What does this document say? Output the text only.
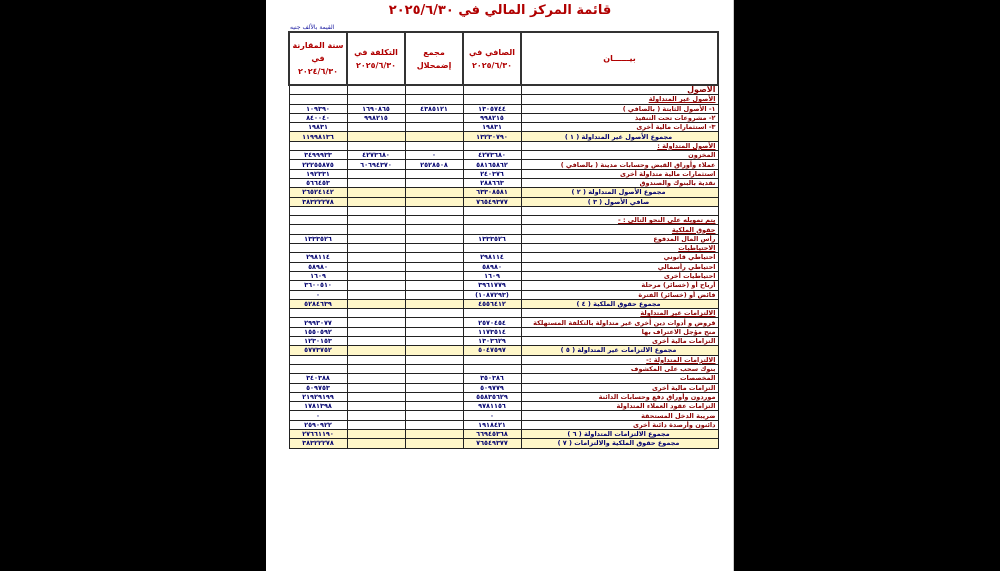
قائمة المركز المالي في ٢٠٢٥/٦/٣٠
القيمة بالألف جنيه
سنة المقارنة في ٢٠٢٤/٦/٣٠	التكلفة في ٢٠٢٥/٦/٣٠	مجمع إضمحلال	الصافي في ٢٠٢٥/٦/٣٠	بيــــــان
				الأصول
				الأصول غير المتداولة
١٠٩٣٩٠	١٦٩٠٨٦٥	٤٣٨٥١٢١	١٣٠٥٧٤٤	١- الأصول الثابتة ( بالصافي )
٨٤٠٠٤٠	٩٩٨٢١٥		٩٩٨٢١٥	٢- مشروعات تحت التنفيذ
١٩٨٣١			١٩٨٣١	٣- استثمارات مالية أخرى
١١٩٩٨١٣٦			١٣٢٣٠٧٩٠	مجموع الأصول غير المتداولة ( ١ )
				الأصول المتداولة :
٣٤٩٩٩٣٣	٤٢٧٣٦٨٠	٠	٤٢٧٣٦٨٠	المخزون
٢٢٢٥٥٨٧٥	٦٠٦٩٤٣٧٠	٢٥٢٨٥٠٨	٥٨١٦٥٨٦٢	عملاء وأوراق القبض وحسابات مدينة ( بالصافي )
١٩٢٣٣١			٢٤٠٣٧٦	استثمارات مالية متداولة أخرى
٥٦٦٤٥٣			٢٨٨٦٦٣	نقدية بالبنوك والصندوق
٢٦٥٢٤١٤٢			٦٣٣٠٨٥٨١	مجموع الأصول المتداولة ( ٢ )
٣٨٣٢٢٢٧٨			٧٦٥٤٩٣٧٧	صافي الأصول ( ٣ )

				يتم تمويله على النحو التالي : -
				حقوق الملكية
١٣٣٣٥٢٦			١٣٣٣٥٢٦	رأس المال المدفوع
				الاحتياطيات
٢٩٨١١٤			٢٩٨١١٤	احتياطي قانوني
٥٨٩٨٠			٥٨٩٨٠	احتياطي رأسمالي
١٦٠٩			١٦٠٩	احتياطيات أخرى
٣٦٠٠٥١٠			٣٩٦١٧٧٩	أرباح أو (خسائر) مرحلة
٠			(١٠٨٧٢٩٣)	فائض أو (خسائر) الفترة
٥٢٨٤٦٣٩			٤٥٥٦٤١٢	مجموع حقوق الملكية ( ٤ )
				الالتزامات غير المتداولة
٢٩٩٣٠٧٧			٢٥٧٠٤٥٤	قروض و أدوات دين أخرى غير متداولة بالتكلفة المستهلكة
١٥٥٠٥٩٢			١١٧٣٥١٤	منح مؤجل الاعتراف بها
١٢٣٠١٥٣			١٣٠٣٦٢٩	التزامات مالية أخرى
٥٧٧٣٧٥٢			٥٠٤٧٥٩٧	مجموع الالتزامات غير المتداولة ( ٥ )
				الالتزامات المتداولة :-
				بنوك سحب على المكشوف
٣٤٠٣٨٨			٣٥٠٣٨٦	المخصصات
٥٠٩٧٥٣			٥٠٩٧٧٩	التزامات مالية أخرى
٢١٩٢٩١٩٩			٥٥٨٣٥٦٢٩	موردون وأوراق دفع وحسابات الدائنة
١٧٨١٣٩٨			٩٧٨١١٥٦	التزامات عقود العملاء المتداولة
٠			٠	ضريبة الدخل المستحقة
٢٥٩٠٩٢٢			١٩١٨٤٢١	دائنون وأرصدة دائنة أخرى
٢٧٦٦١١٩٠			٦٦٩٤٥٣٦٨	مجموع الالتزامات المتداولة ( ٦ )
٣٨٣٢٢٢٧٨			٧٦٥٤٩٣٧٧	مجموع حقوق الملكية والالتزامات ( ٧ )
